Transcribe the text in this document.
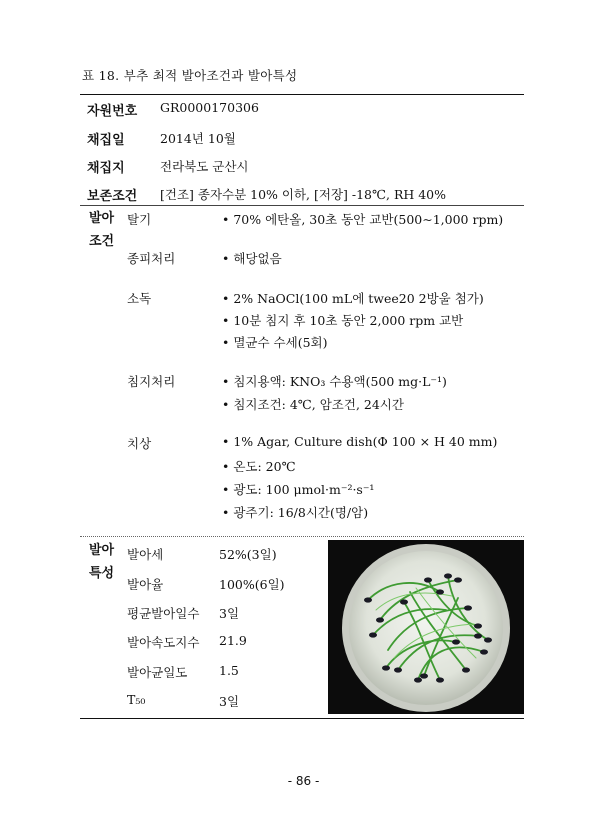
표 18. 부추 최적 발아조건과 발아특성
자원번호	GR0000170306
채집일	2014년 10월
채집지	전라북도 군산시
보존조건	[건조] 종자수분 10% 이하, [저장] -18℃, RH 40%
발아
조건
탈기	• 70% 에탄올, 30초 동안 교반(500∼1,000 rpm)
종피처리	• 해당없음
소독	• 2% NaOCl(100 mL에 twee20 2방울 첨가)
• 10분 침지 후 10초 동안 2,000 rpm 교반
• 멸균수 수세(5회)
침지처리	• 침지용액: KNO₃ 수용액(500 mg·L⁻¹)
• 침지조건: 4℃, 암조건, 24시간
치상	• 1% Agar, Culture dish(Φ 100 × H 40 mm)
• 온도: 20℃
• 광도: 100 μmol·m⁻²·s⁻¹
• 광주기: 16/8시간(명/암)
발아
특성
발아세	52%(3일)
발아율	100%(6일)
평균발아일수 3일
발아속도지수 21.9
발아균일도	1.5
T₅₀	3일
- 86 -
